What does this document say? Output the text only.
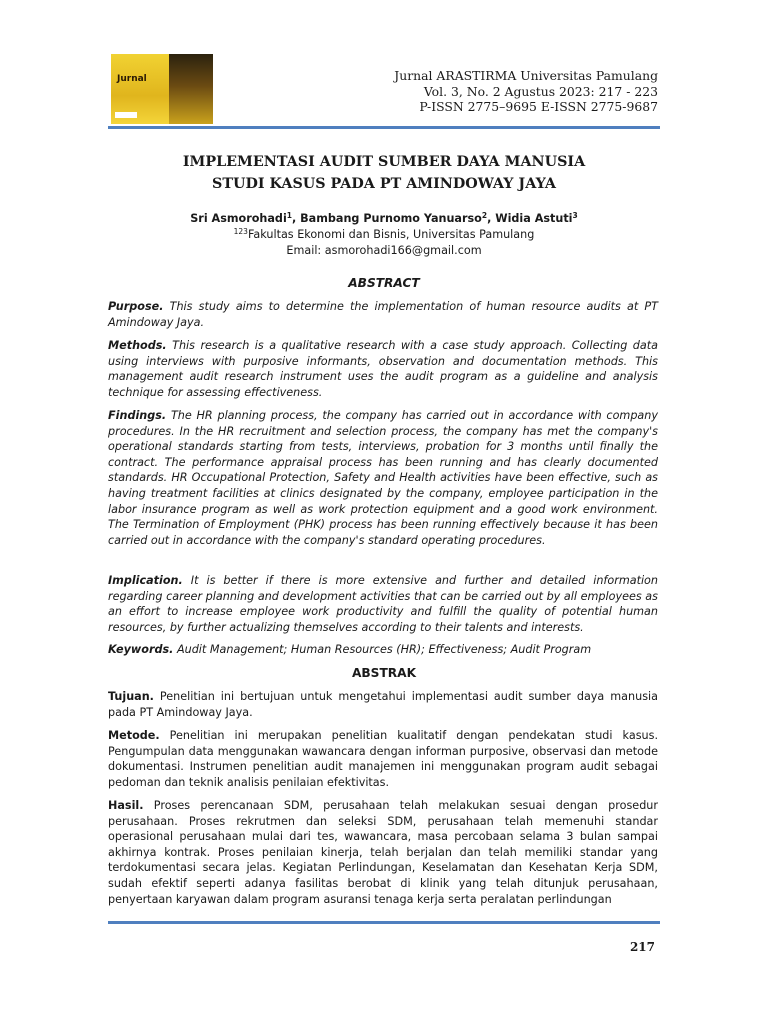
Jurnal	Jurnal ARASTIRMA Universitas Pamulang
Vol. 3, No. 2 Agustus 2023: 217 - 223
P-ISSN 2775–9695 E-ISSN 2775-9687
IMPLEMENTASI AUDIT SUMBER DAYA MANUSIA
STUDI KASUS PADA PT AMINDOWAY JAYA
Sri Asmorohadi$^1$, Bambang Purnomo Yanuarso$^2$, Widia Astuti$^3$
$^{123}$Fakultas Ekonomi dan Bisnis, Universitas Pamulang
Email: asmorohadi166@gmail.com
ABSTRACT

Purpose. This study aims to determine the implementation of human resource audits at PT Amindoway Jaya.

Methods. This research is a qualitative research with a case study approach. Collecting data using interviews with purposive informants, observation and documentation methods. This management audit research instrument uses the audit program as a guideline and analysis technique for assessing effectiveness.

Findings. The HR planning process, the company has carried out in accordance with company procedures. In the HR recruitment and selection process, the company has met the company's operational standards starting from tests, interviews, probation for 3 months until finally the contract. The performance appraisal process has been running and has clearly documented standards. HR Occupational Protection, Safety and Health activities have been effective, such as having treatment facilities at clinics designated by the company, employee participation in the labor insurance program as well as work protection equipment and a good work environment. The Termination of Employment (PHK) process has been running effectively because it has been carried out in accordance with the company's standard operating procedures.

Implication. It is better if there is more extensive and further and detailed information regarding career planning and development activities that can be carried out by all employees as an effort to increase employee work productivity and fulfill the quality of potential human resources, by further actualizing themselves according to their talents and interests.

Keywords. Audit Management; Human Resources (HR); Effectiveness; Audit Program

ABSTRAK

Tujuan. Penelitian ini bertujuan untuk mengetahui implementasi audit sumber daya manusia pada PT Amindoway Jaya.

Metode. Penelitian ini merupakan penelitian kualitatif dengan pendekatan studi kasus. Pengumpulan data menggunakan wawancara dengan informan purposive, observasi dan metode dokumentasi. Instrumen penelitian audit manajemen ini menggunakan program audit sebagai pedoman dan teknik analisis penilaian efektivitas.

Hasil. Proses perencanaan SDM, perusahaan telah melakukan sesuai dengan prosedur perusahaan. Proses rekrutmen dan seleksi SDM, perusahaan telah memenuhi standar operasional perusahaan mulai dari tes, wawancara, masa percobaan selama 3 bulan sampai akhirnya kontrak. Proses penilaian kinerja, telah berjalan dan telah memiliki standar yang terdokumentasi secara jelas. Kegiatan Perlindungan, Keselamatan dan Kesehatan Kerja SDM, sudah efektif seperti adanya fasilitas berobat di klinik yang telah ditunjuk perusahaan, penyertaan karyawan dalam program asuransi tenaga kerja serta peralatan perlindungan

217
